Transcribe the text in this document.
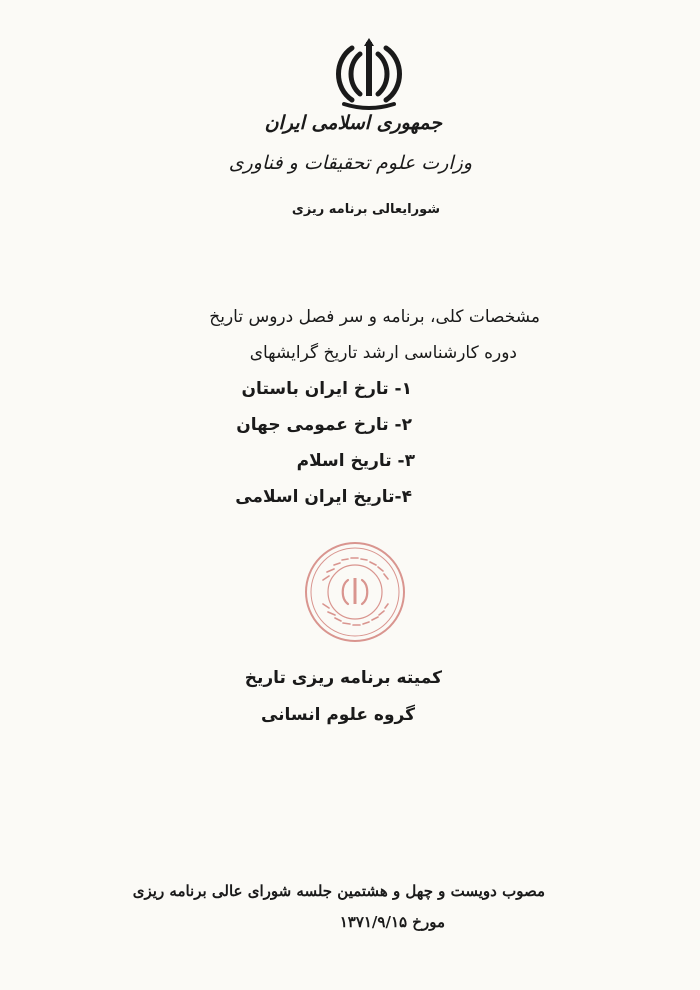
جمهوری اسلامی ایران
وزارت علوم تحقیقات و فناوری
شورایعالی برنامه ریزی
مشخصات کلی، برنامه و سر فصل دروس تاریخ
دوره کارشناسی ارشد تاریخ گرایشهای
۱- تارخ ایران باستان
۲- تارخ عمومی جهان
۳- تاریخ اسلام
۴-تاریخ ایران اسلامی
کمیته برنامه ریزی تاریخ
گروه علوم انسانی
مصوب دویست و چهل و هشتمین جلسه شورای عالی برنامه ریزی
مورخ ۱۳۷۱/۹/۱۵
